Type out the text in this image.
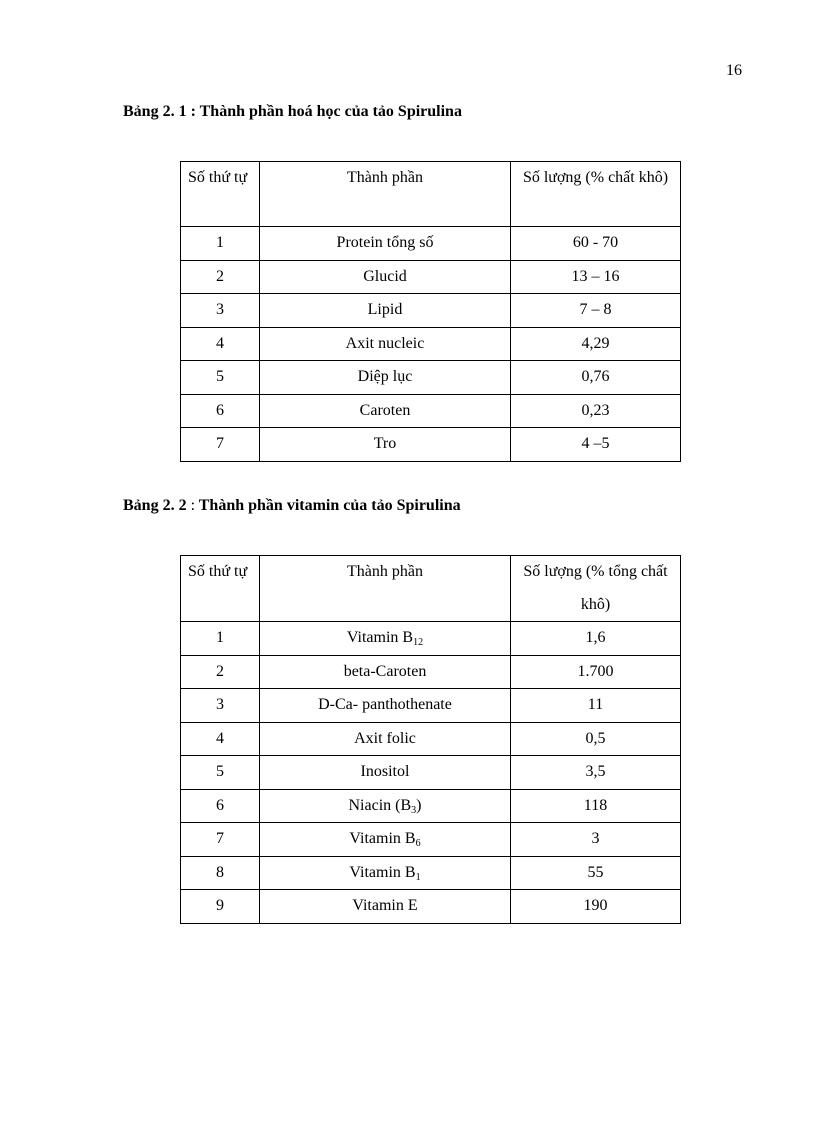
16
Bảng 2. 1 : Thành phần hoá học của tảo Spirulina
Số thứ tự	Thành phần	Số lượng (% chất khô)
1	Protein tổng số	60 - 70
2	Glucid	13 – 16
3	Lipid	7 – 8
4	Axit nucleic	4,29
5	Diệp lục	0,76
6	Caroten	0,23
7	Tro	4 –5
Bảng 2. 2 : Thành phần vitamin của tảo Spirulina
Số thứ tự	Thành phần	Số lượng (% tổng chất khô)
1	Vitamin $B_{12}$	1,6
2	beta-Caroten	1.700
3	D-Ca- panthothenate	11
4	Axit folic	0,5
5	Inositol	3,5
6	Niacin $(B_3)$	118
7	Vitamin $B_6$	3
8	Vitamin $B_1$	55
9	Vitamin E	190
